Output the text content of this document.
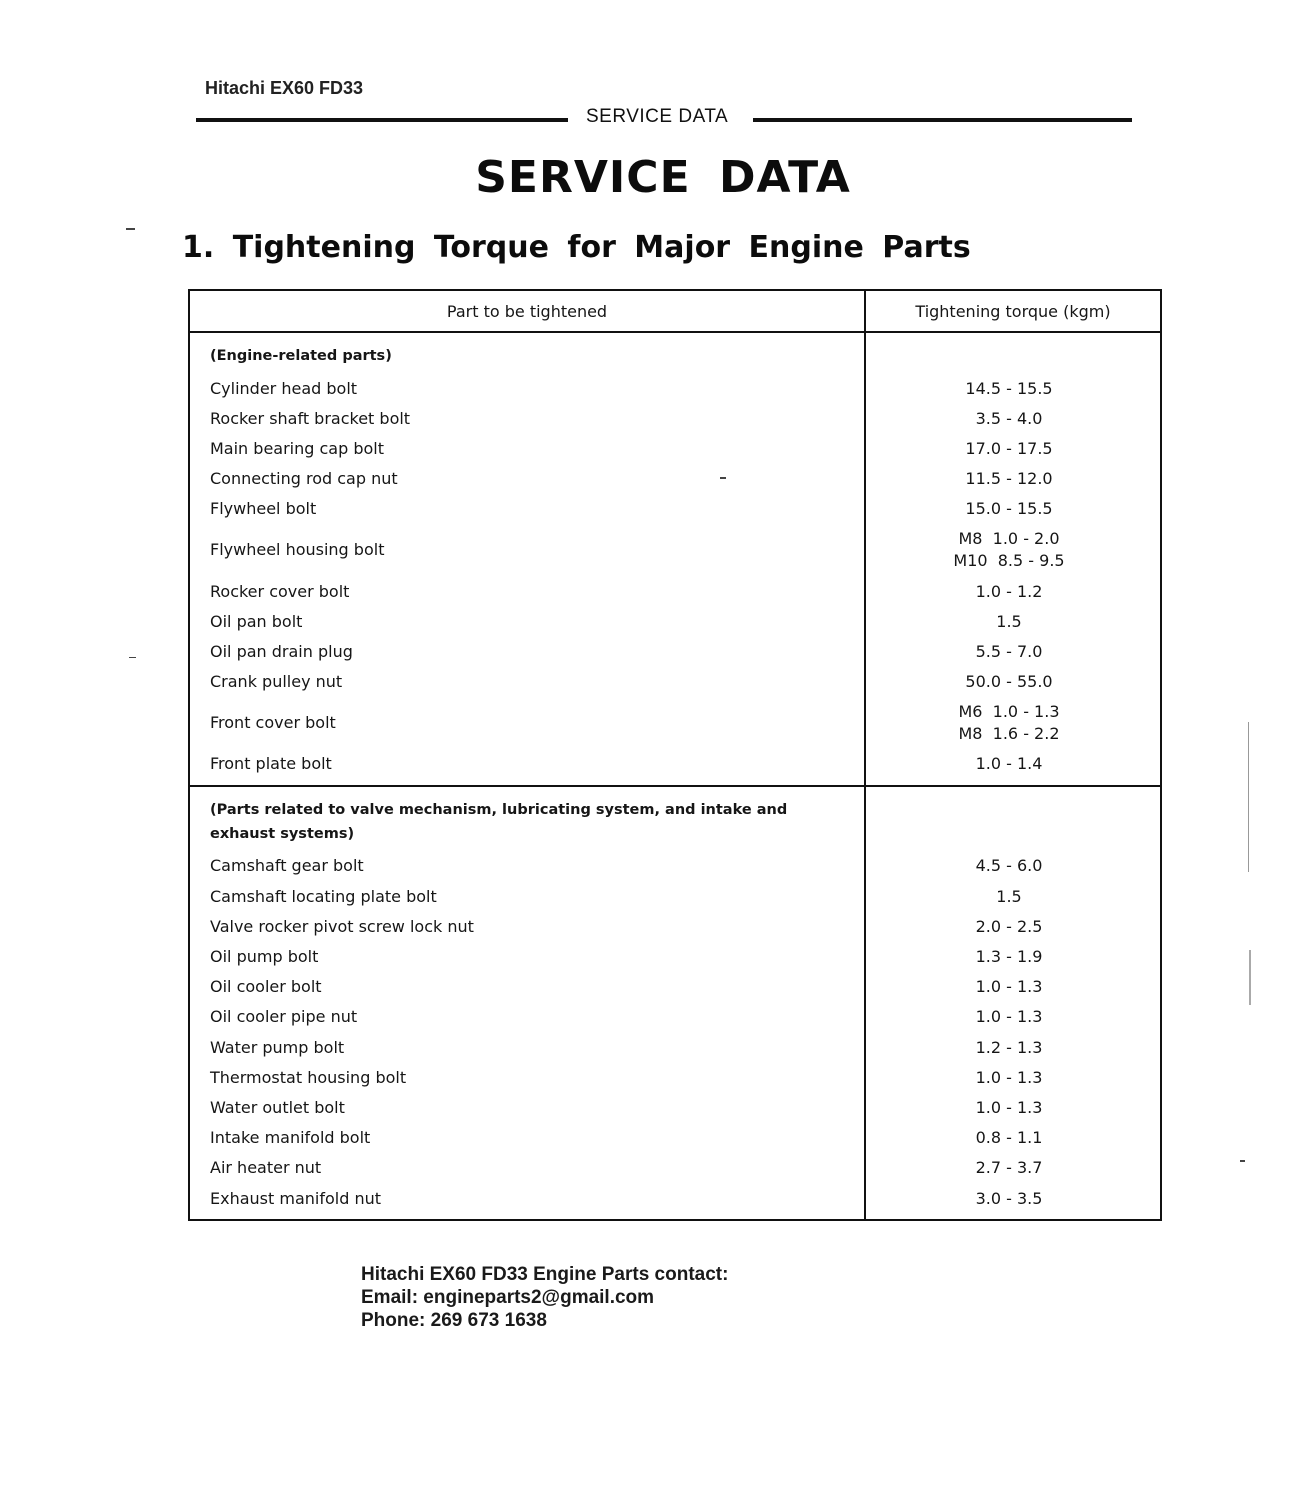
Hitachi EX60 FD33
SERVICE DATA
SERVICE DATA
1. Tightening Torque for Major Engine Parts
Part to be tightened	Tightening torque (kgm)
(Engine-related parts)	
Cylinder head bolt	14.5 - 15.5

Rocker shaft bracket bolt	3.5 - 4.0

Main bearing cap bolt	17.0 - 17.5

Connecting rod cap nut	11.5 - 12.0

Flywheel bolt	15.0 - 15.5

Flywheel housing bolt	M8  1.0 - 2.0
M10  8.5 - 9.5

Rocker cover bolt	1.0 - 1.2

Oil pan bolt	1.5

Oil pan drain plug	5.5 - 7.0

Crank pulley nut	50.0 - 55.0

Front cover bolt	M6  1.0 - 1.3
M8  1.6 - 2.2

Front plate bolt	1.0 - 1.4

(Parts related to valve mechanism, lubricating system, and intake and exhaust systems)	
Camshaft gear bolt	4.5 - 6.0

Camshaft locating plate bolt	1.5

Valve rocker pivot screw lock nut	2.0 - 2.5

Oil pump bolt	1.3 - 1.9

Oil cooler bolt	1.0 - 1.3

Oil cooler pipe nut	1.0 - 1.3

Water pump bolt	1.2 - 1.3

Thermostat housing bolt	1.0 - 1.3

Water outlet bolt	1.0 - 1.3

Intake manifold bolt	0.8 - 1.1

Air heater nut	2.7 - 3.7

Exhaust manifold nut	3.0 - 3.5
Hitachi EX60 FD33 Engine Parts contact:
Email: engineparts2@gmail.com
Phone: 269 673 1638
